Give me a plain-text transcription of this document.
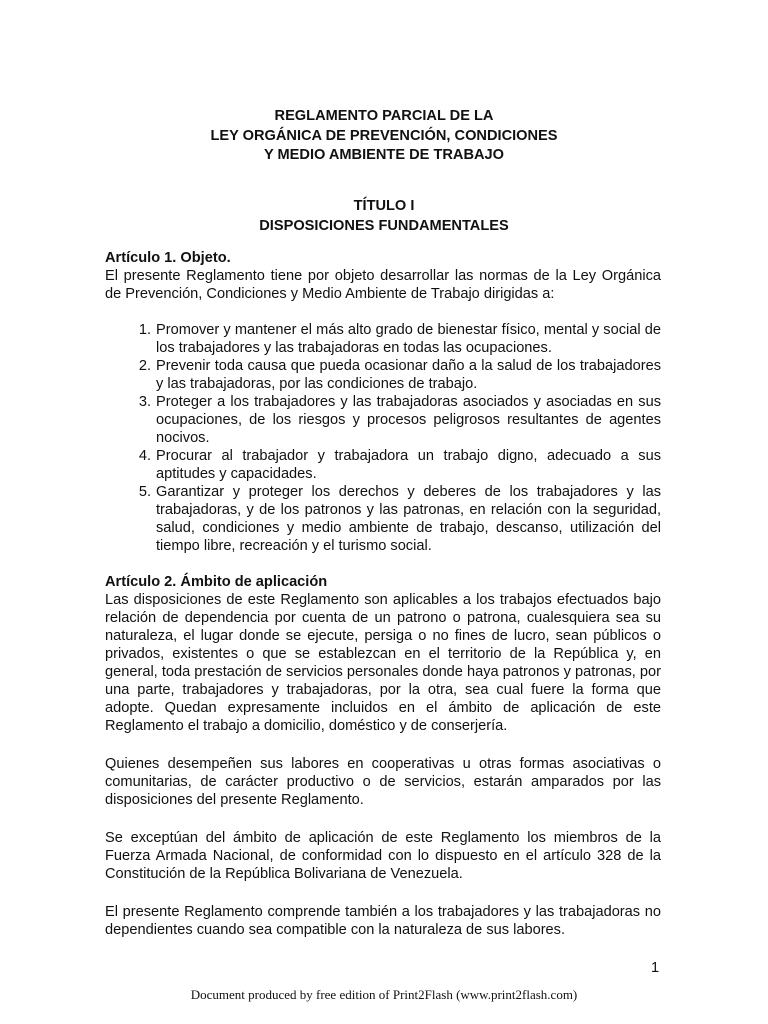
REGLAMENTO PARCIAL DE LA
LEY ORGÁNICA DE PREVENCIÓN, CONDICIONES
Y MEDIO AMBIENTE DE TRABAJO
TÍTULO I
DISPOSICIONES FUNDAMENTALES
Artículo 1. Objeto.
El presente Reglamento tiene por objeto desarrollar las normas de la Ley Orgánica de Prevención, Condiciones y Medio Ambiente de Trabajo dirigidas a:
1. Promover y mantener el más alto grado de bienestar físico, mental y social de los trabajadores y las trabajadoras en todas las ocupaciones.
2. Prevenir toda causa que pueda ocasionar daño a la salud de los trabajadores y las trabajadoras, por las condiciones de trabajo.
3. Proteger a los trabajadores y las trabajadoras asociados y asociadas en sus ocupaciones, de los riesgos y procesos peligrosos resultantes de agentes nocivos.
4. Procurar al trabajador y trabajadora un trabajo digno, adecuado a sus aptitudes y capacidades.
5. Garantizar y proteger los derechos y deberes de los trabajadores y las trabajadoras, y de los patronos y las patronas, en relación con la seguridad, salud, condiciones y medio ambiente de trabajo, descanso, utilización del tiempo libre, recreación y el turismo social.
Artículo 2. Ámbito de aplicación
Las disposiciones de este Reglamento son aplicables a los trabajos efectuados bajo relación de dependencia por cuenta de un patrono o patrona, cualesquiera sea su naturaleza, el lugar donde se ejecute, persiga o no fines de lucro, sean públicos o privados, existentes o que se establezcan en el territorio de la República y, en general, toda prestación de servicios personales donde haya patronos y patronas, por una parte, trabajadores y trabajadoras, por la otra, sea cual fuere la forma que adopte. Quedan expresamente incluidos en el ámbito de aplicación de este Reglamento el trabajo a domicilio, doméstico y de conserjería.
Quienes desempeñen sus labores en cooperativas u otras formas asociativas o comunitarias, de carácter productivo o de servicios, estarán amparados por las disposiciones del presente Reglamento.
Se exceptúan del ámbito de aplicación de este Reglamento los miembros de la Fuerza Armada Nacional, de conformidad con lo dispuesto en el artículo 328 de la Constitución de la República Bolivariana de Venezuela.
El presente Reglamento comprende también a los trabajadores y las trabajadoras no dependientes cuando sea compatible con la naturaleza de sus labores.
1
Document produced by free edition of Print2Flash (www.print2flash.com)
